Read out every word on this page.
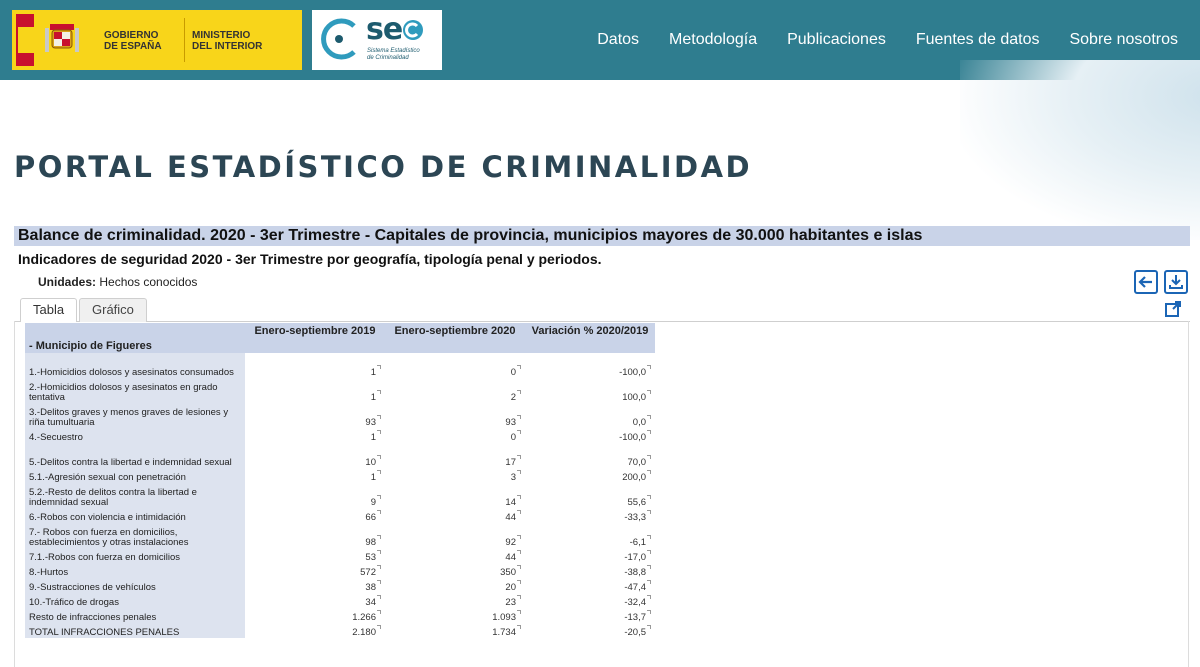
GOBIERNO
DE ESPAÑA
MINISTERIO
DEL INTERIOR	se
Sistema Estadístico
de Criminalidad
Datos Metodología Publicaciones Fuentes de datos Sobre nosotros
PORTAL ESTADÍSTICO DE CRIMINALIDAD
Balance de criminalidad. 2020 - 3er Trimestre - Capitales de provincia, municipios mayores de 30.000 habitantes e islas
Indicadores de seguridad 2020 - 3er Trimestre por geografía, tipología penal y periodos.
Unidades: Hechos conocidos
Tabla	Gráfico
- Municipio de Figueres	Enero-septiembre 2019	Enero-septiembre 2020	Variación % 2020/2019
1.-Homicidios dolosos y asesinatos consumados	1	0	-100,0
2.-Homicidios dolosos y asesinatos en grado tentativa	1	2	100,0
3.-Delitos graves y menos graves de lesiones y riña tumultuaria	93	93	0,0
4.-Secuestro	1	0	-100,0
5.-Delitos contra la libertad e indemnidad sexual	10	17	70,0
5.1.-Agresión sexual con penetración	1	3	200,0
5.2.-Resto de delitos contra la libertad e indemnidad sexual	9	14	55,6
6.-Robos con violencia e intimidación	66	44	-33,3
7.- Robos con fuerza en domicilios, establecimientos y otras instalaciones	98	92	-6,1
7.1.-Robos con fuerza en domicilios	53	44	-17,0
8.-Hurtos	572	350	-38,8
9.-Sustracciones de vehículos	38	20	-47,4
10.-Tráfico de drogas	34	23	-32,4
Resto de infracciones penales	1.266	1.093	-13,7
TOTAL INFRACCIONES PENALES	2.180	1.734	-20,5
